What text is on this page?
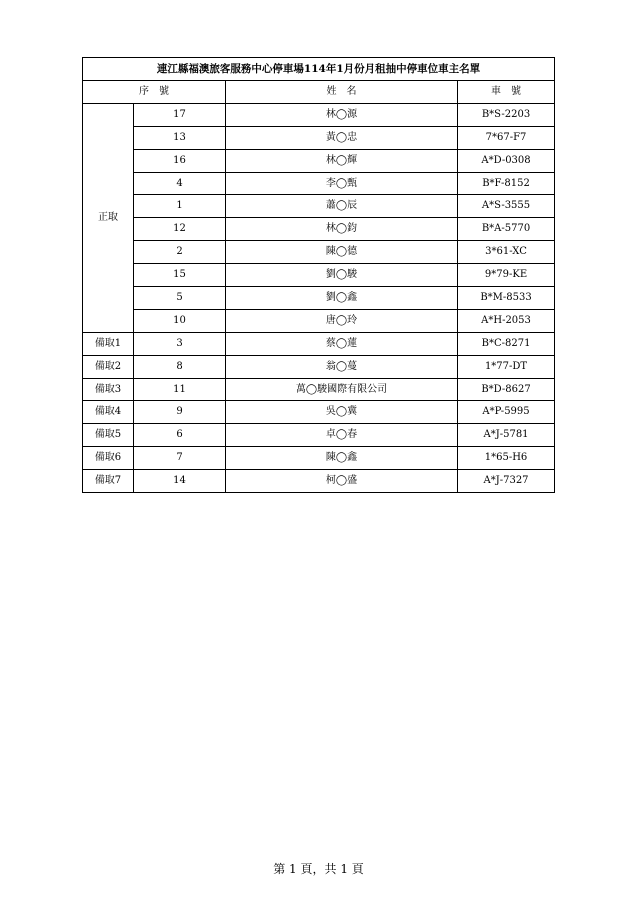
連江縣福澳旅客服務中心停車場114年1月份月租抽中停車位車主名單			
序　號		姓　名	車　號
正取	17	林◯源	B*S-2203
	13	黃◯忠	7*67-F7
	16	林◯輝	A*D-0308
	4	李◯甄	B*F-8152
	1	蕭◯辰	A*S-3555
	12	林◯鈞	B*A-5770
	2	陳◯德	3*61-XC
	15	劉◯駿	9*79-KE
	5	劉◯鑫	B*M-8533
	10	唐◯玲	A*H-2053
備取1	3	蔡◯蓮	B*C-8271
備取2	8	翁◯蔓	1*77-DT
備取3	11	萬◯駿國際有限公司	B*D-8627
備取4	9	吳◯冀	A*P-5995
備取5	6	卓◯春	A*J-5781
備取6	7	陳◯鑫	1*65-H6
備取7	14	柯◯盛	A*J-7327
第 1 頁，共 1 頁
